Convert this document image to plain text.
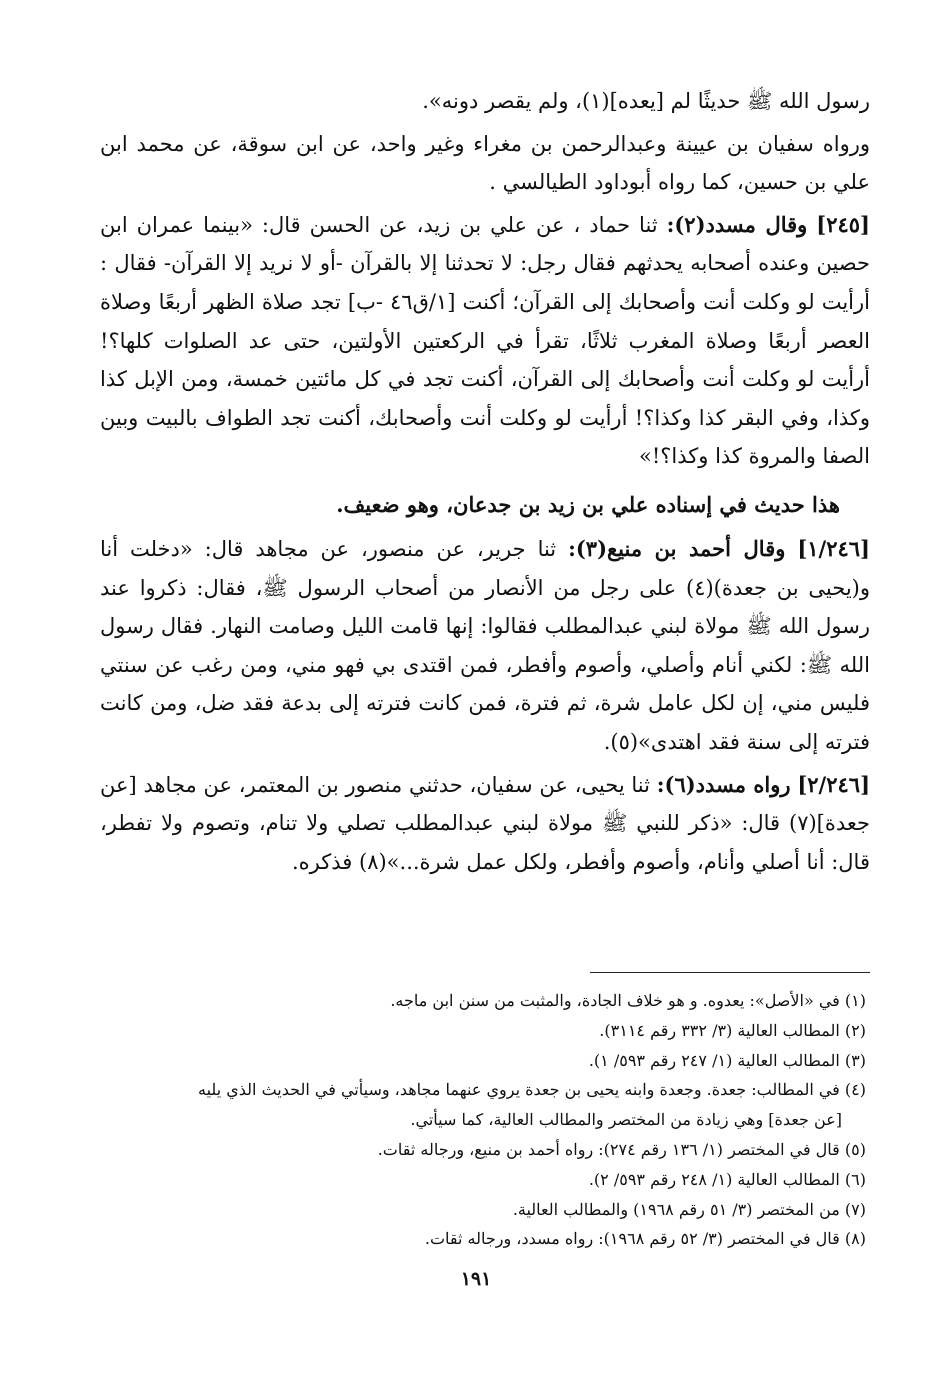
رسول الله ﷺ حديثًا لم [يعده](١)، ولم يقصر دونه».

ورواه سفيان بن عيينة وعبدالرحمن بن مغراء وغير واحد، عن ابن سوقة، عن محمد ابن علي بن حسين، كما رواه أبوداود الطيالسي .

[٢٤٥] وقال مسدد(٢): ثنا حماد ، عن علي بن زيد، عن الحسن قال: «بينما عمران ابن حصين وعنده أصحابه يحدثهم فقال رجل: لا تحدثنا إلا بالقرآن -أو لا نريد إلا القرآن- فقال : أرأيت لو وكلت أنت وأصحابك إلى القرآن؛ أكنت [١/ق٤٦ -ب] تجد صلاة الظهر أربعًا وصلاة العصر أربعًا وصلاة المغرب ثلاثًا، تقرأ في الركعتين الأولتين، حتى عد الصلوات كلها؟! أرأيت لو وكلت أنت وأصحابك إلى القرآن، أكنت تجد في كل مائتين خمسة، ومن الإبل كذا وكذا، وفي البقر كذا وكذا؟! أرأيت لو وكلت أنت وأصحابك، أكنت تجد الطواف بالبيت وبين الصفا والمروة كذا وكذا؟!»

هذا حديث في إسناده علي بن زيد بن جدعان، وهو ضعيف.

[١/٢٤٦] وقال أحمد بن منيع(٣): ثنا جرير، عن منصور، عن مجاهد قال: «دخلت أنا و(يحيى بن جعدة)(٤) على رجل من الأنصار من أصحاب الرسول ﷺ، فقال: ذكروا عند رسول الله ﷺ مولاة لبني عبدالمطلب فقالوا: إنها قامت الليل وصامت النهار. فقال رسول الله ﷺ: لكني أنام وأصلي، وأصوم وأفطر، فمن اقتدى بي فهو مني، ومن رغب عن سنتي فليس مني، إن لكل عامل شرة، ثم فترة، فمن كانت فترته إلى بدعة فقد ضل، ومن كانت فترته إلى سنة فقد اهتدى»(٥).

[٢/٢٤٦] رواه مسدد(٦): ثنا يحيى، عن سفيان، حدثني منصور بن المعتمر، عن مجاهد [عن جعدة](٧) قال: «ذكر للنبي ﷺ مولاة لبني عبدالمطلب تصلي ولا تنام، وتصوم ولا تفطر، قال: أنا أصلي وأنام، وأصوم وأفطر، ولكل عمل شرة...»(٨) فذكره.

(١) في «الأصل»: يعدوه. و هو خلاف الجادة، والمثبت من سنن ابن ماجه.

(٢) المطالب العالية (٣/ ٣٣٢ رقم ٣١١٤).

(٣) المطالب العالية (١/ ٢٤٧ رقم ٥٩٣/ ١).

(٤) في المطالب: جعدة. وجعدة وابنه يحيى بن جعدة يروي عنهما مجاهد، وسيأتي في الحديث الذي يليه

[عن جعدة] وهي زيادة من المختصر والمطالب العالية، كما سيأتي.

(٥) قال في المختصر (١/ ١٣٦ رقم ٢٧٤): رواه أحمد بن منيع، ورجاله ثقات.

(٦) المطالب العالية (١/ ٢٤٨ رقم ٥٩٣/ ٢).

(٧) من المختصر (٣/ ٥١ رقم ١٩٦٨) والمطالب العالية.

(٨) قال في المختصر (٣/ ٥٢ رقم ١٩٦٨): رواه مسدد، ورجاله ثقات.

١٩١
